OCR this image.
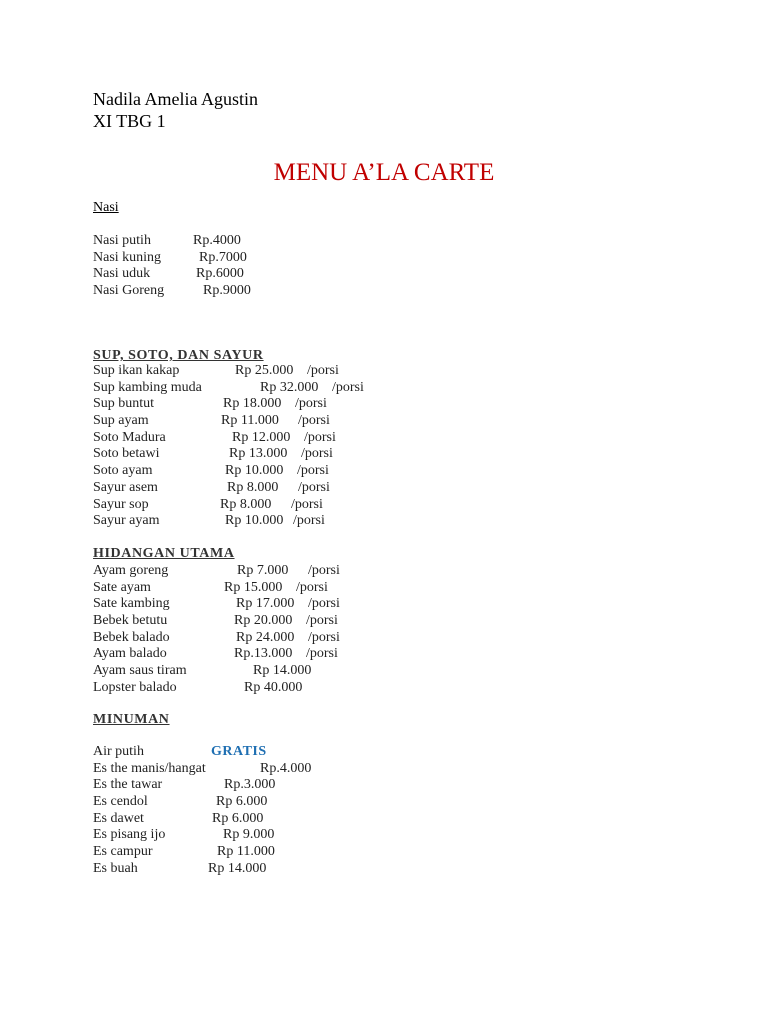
Nadila Amelia Agustin
XI TBG 1
MENU A’LA CARTE
Nasi
Nasi putih	Rp.4000
Nasi kuning	Rp.7000
Nasi uduk	Rp.6000
Nasi Goreng	Rp.9000
SUP, SOTO, DAN SAYUR
Sup ikan kakap	Rp 25.000 /porsi
Sup kambing muda	Rp 32.000 /porsi
Sup buntut	Rp 18.000 /porsi
Sup ayam	Rp 11.000 /porsi
Soto Madura	Rp 12.000 /porsi
Soto betawi	Rp 13.000 /porsi
Soto ayam	Rp 10.000 /porsi
Sayur asem	Rp 8.000 /porsi
Sayur sop	Rp 8.000 /porsi
Sayur ayam	Rp 10.000 /porsi
HIDANGAN UTAMA
Ayam goreng	Rp 7.000 /porsi
Sate ayam	Rp 15.000 /porsi
Sate kambing	Rp 17.000 /porsi
Bebek betutu	Rp 20.000 /porsi
Bebek balado	Rp 24.000 /porsi
Ayam balado	Rp.13.000 /porsi
Ayam saus tiram	Rp 14.000
Lopster balado	Rp 40.000
MINUMAN
Air putih	GRATIS
Es the manis/hangat	Rp.4.000
Es the tawar	Rp.3.000
Es cendol	Rp 6.000
Es dawet	Rp 6.000
Es pisang ijo	Rp 9.000
Es campur	Rp 11.000
Es buah	Rp 14.000
